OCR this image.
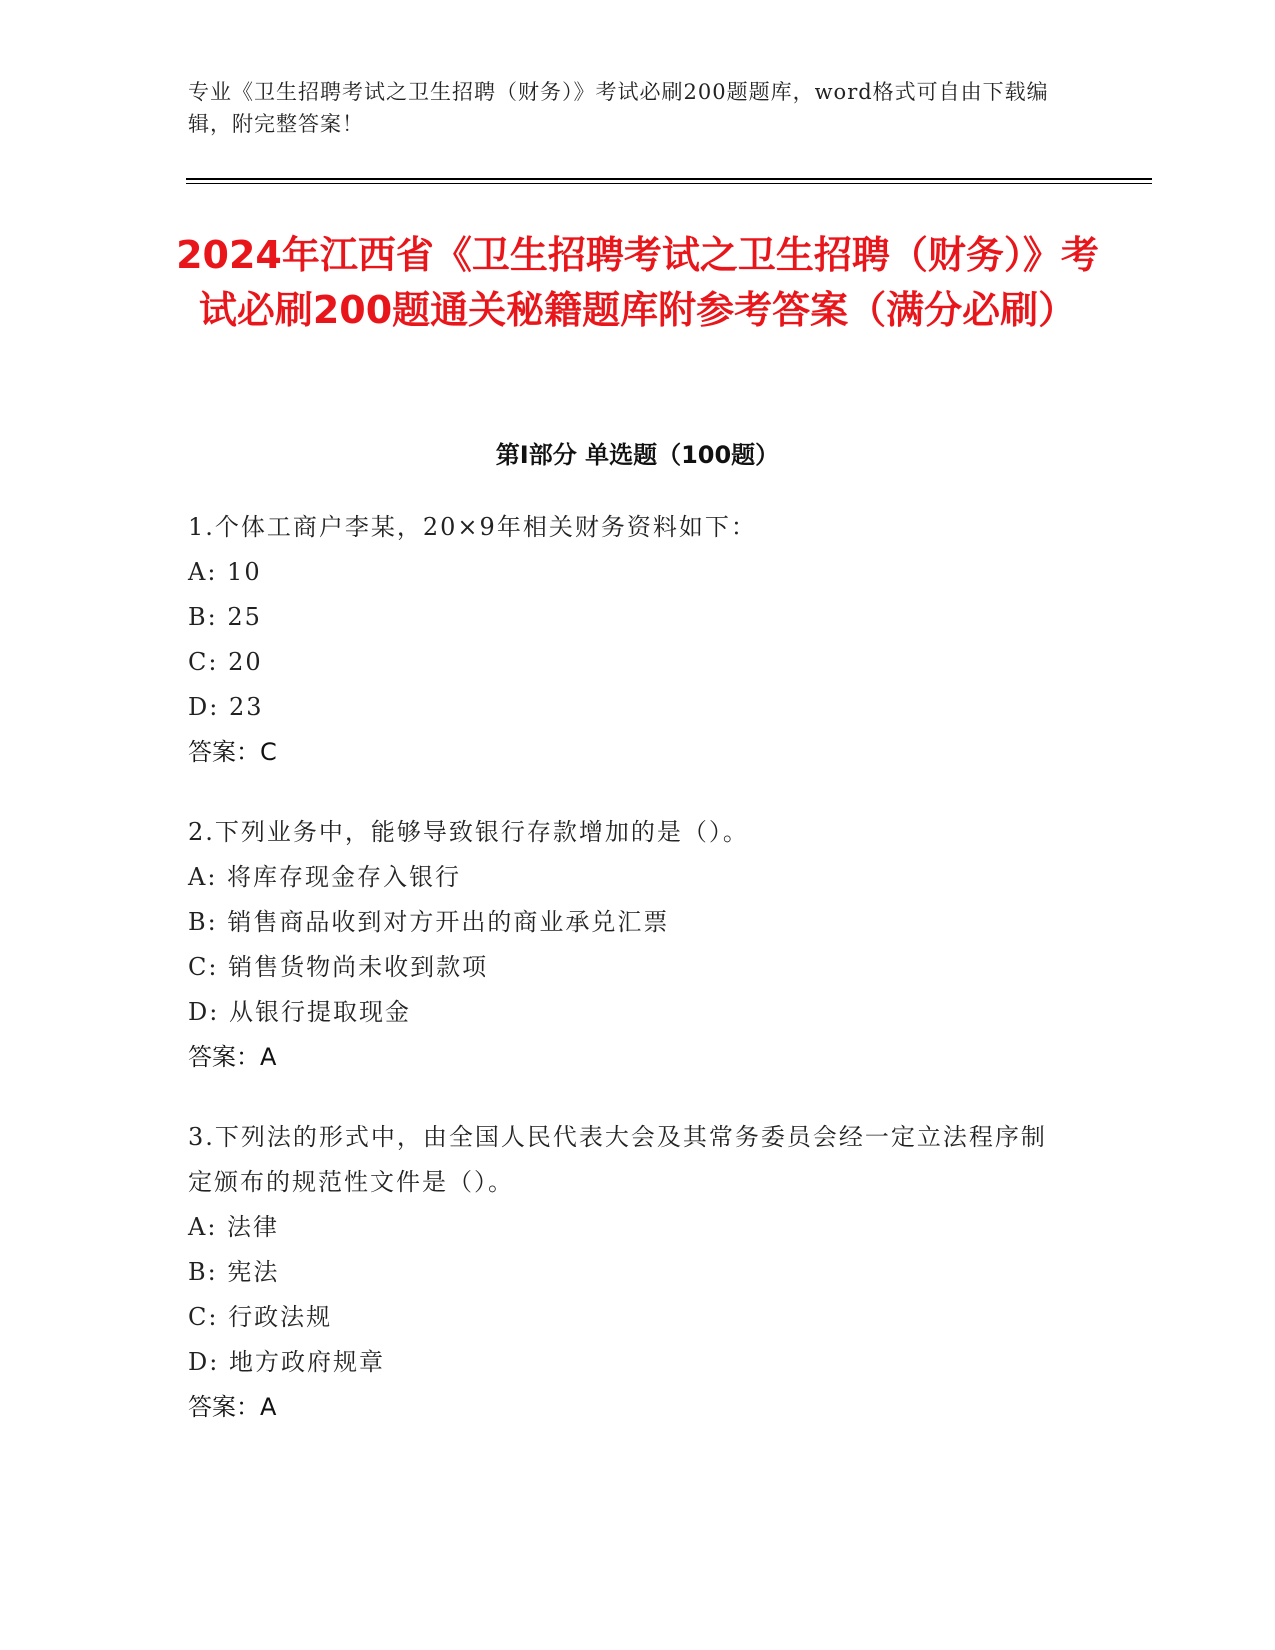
专业《卫生招聘考试之卫生招聘（财务）》考试必刷200题题库，word格式可自由下载编辑，附完整答案！

2024年江西省《卫生招聘考试之卫生招聘（财务）》考试必刷200题通关秘籍题库附参考答案（满分必刷）
第Ⅰ部分 单选题（100题）

1.个体工商户李某，20×9年相关财务资料如下：

A: 10

B: 25

C: 20

D: 23

答案：C

2.下列业务中，能够导致银行存款增加的是（）。

A: 将库存现金存入银行

B: 销售商品收到对方开出的商业承兑汇票

C: 销售货物尚未收到款项

D: 从银行提取现金

答案：A

3.下列法的形式中，由全国人民代表大会及其常务委员会经一定立法程序制定颁布的规范性文件是（）。

A: 法律

B: 宪法

C: 行政法规

D: 地方政府规章

答案：A
